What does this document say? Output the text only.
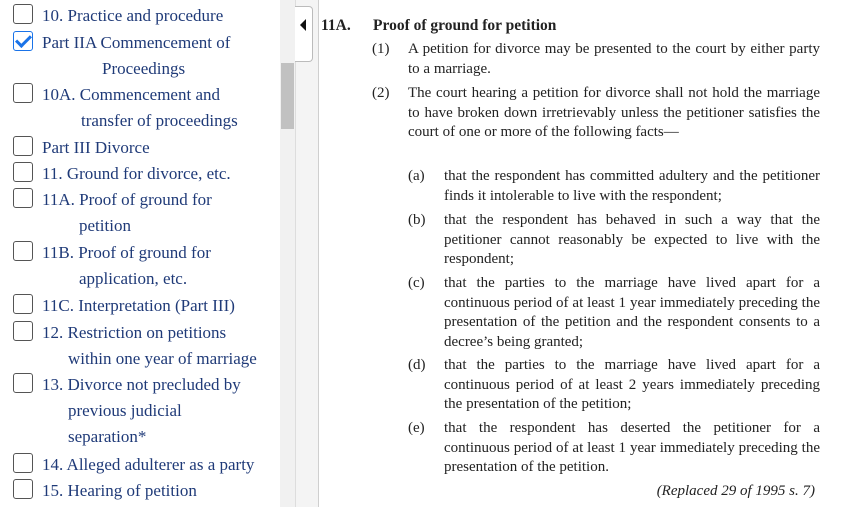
10. Practice and procedure
Part IIA Commencement of
Proceedings
10A. Commencement and
transfer of proceedings
Part III Divorce
11. Ground for divorce, etc.
11A. Proof of ground for
petition
11B. Proof of ground for
application, etc.
11C. Interpretation (Part III)
12. Restriction on petitions
within one year of marriage
13. Divorce not precluded by
previous judicial
separation*
14. Alleged adulterer as a party
15. Hearing of petition
11A. Proof of ground for petition
(1) A petition for divorce may be presented to the court by either party to a marriage.
(2) The court hearing a petition for divorce shall not hold the marriage to have broken down irretrievably unless the petitioner satisfies the court of one or more of the following facts—
(a) that the respondent has committed adultery and the petitioner finds it intolerable to live with the respondent;
(b) that the respondent has behaved in such a way that the petitioner cannot reasonably be expected to live with the respondent;
(c) that the parties to the marriage have lived apart for a continuous period of at least 1 year immediately preceding the presentation of the petition and the respondent consents to a decree’s being granted;
(d) that the parties to the marriage have lived apart for a continuous period of at least 2 years immediately preceding the presentation of the petition;
(e) that the respondent has deserted the petitioner for a continuous period of at least 1 year immediately preceding the presentation of the petition.
(Replaced 29 of 1995 s. 7)
